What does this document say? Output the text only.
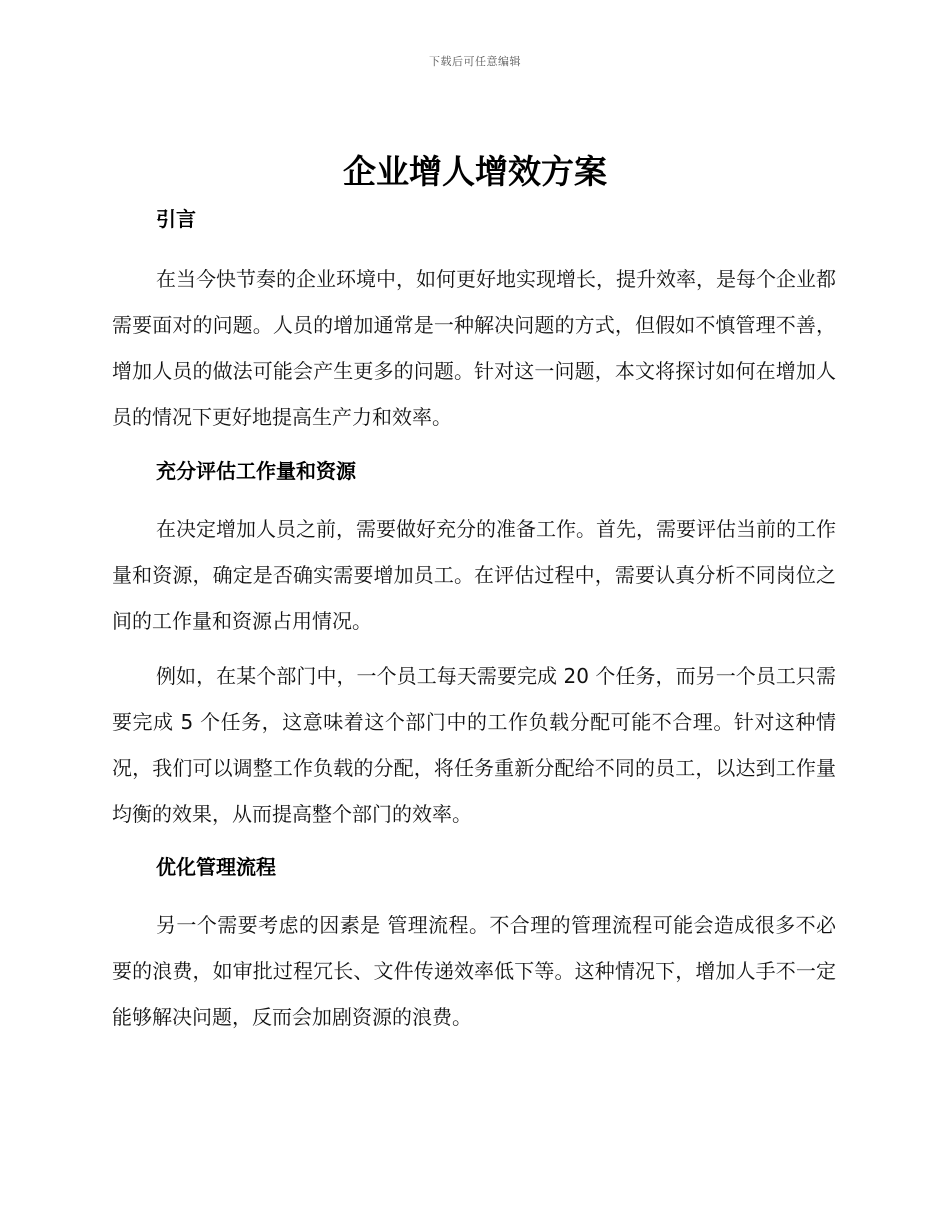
下载后可任意编辑
企业增人增效方案
引言

在当今快节奏的企业环境中，如何更好地实现增长，提升效率，是每个企业都需要面对的问题。人员的增加通常是一种解决问题的方式，但假如不慎管理不善，增加人员的做法可能会产生更多的问题。针对这一问题，本文将探讨如何在增加人员的情况下更好地提高生产力和效率。

充分评估工作量和资源

在决定增加人员之前，需要做好充分的准备工作。首先，需要评估当前的工作量和资源，确定是否确实需要增加员工。在评估过程中，需要认真分析不同岗位之间的工作量和资源占用情况。

例如，在某个部门中，一个员工每天需要完成 20 个任务，而另一个员工只需要完成 5 个任务，这意味着这个部门中的工作负载分配可能不合理。针对这种情况，我们可以调整工作负载的分配，将任务重新分配给不同的员工，以达到工作量均衡的效果，从而提高整个部门的效率。

优化管理流程

另一个需要考虑的因素是 管理流程。不合理的管理流程可能会造成很多不必要的浪费，如审批过程冗长、文件传递效率低下等。这种情况下，增加人手不一定能够解决问题，反而会加剧资源的浪费。
